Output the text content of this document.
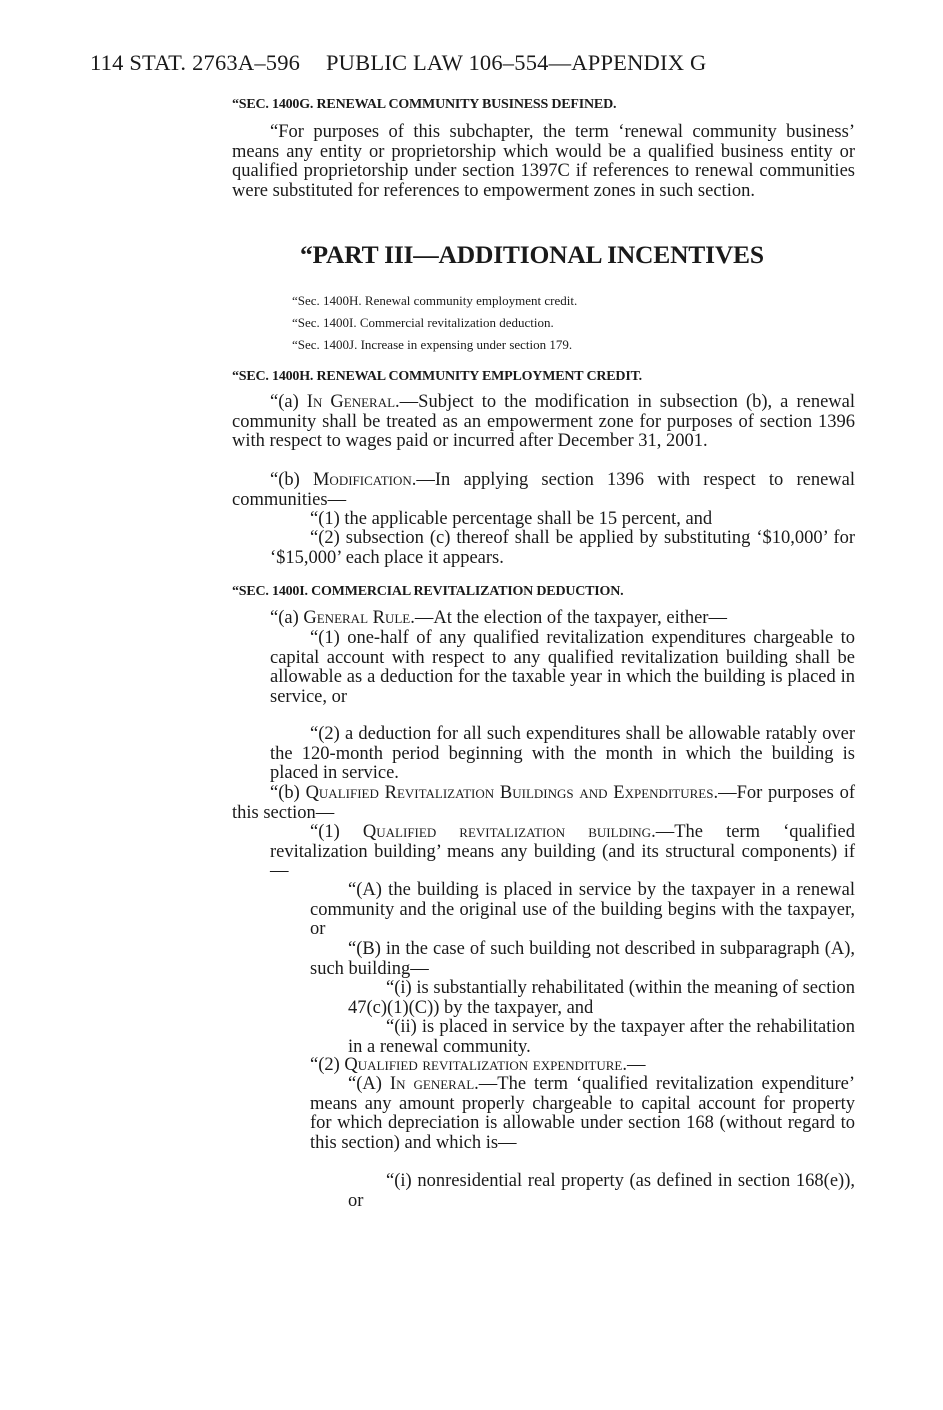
114 STAT. 2763A–596 PUBLIC LAW 106–554—APPENDIX G
“SEC. 1400G. RENEWAL COMMUNITY BUSINESS DEFINED.

“For purposes of this subchapter, the term ‘renewal community business’ means any entity or proprietorship which would be a qualified business entity or qualified proprietorship under section 1397C if references to renewal communities were substituted for references to empowerment zones in such section.

“PART III—ADDITIONAL INCENTIVES
“Sec. 1400H. Renewal community employment credit.
“Sec. 1400I. Commercial revitalization deduction.
“Sec. 1400J. Increase in expensing under section 179.
“SEC. 1400H. RENEWAL COMMUNITY EMPLOYMENT CREDIT.

“(a) In General.—Subject to the modification in subsection (b), a renewal community shall be treated as an empowerment zone for purposes of section 1396 with respect to wages paid or incurred after December 31, 2001.

“(b) Modification.—In applying section 1396 with respect to renewal communities—

“(1) the applicable percentage shall be 15 percent, and

“(2) subsection (c) thereof shall be applied by substituting ‘$10,000’ for ‘$15,000’ each place it appears.

“SEC. 1400I. COMMERCIAL REVITALIZATION DEDUCTION.

“(a) General Rule.—At the election of the taxpayer, either—

“(1) one-half of any qualified revitalization expenditures chargeable to capital account with respect to any qualified revitalization building shall be allowable as a deduction for the taxable year in which the building is placed in service, or

“(2) a deduction for all such expenditures shall be allowable ratably over the 120-month period beginning with the month in which the building is placed in service.

“(b) Qualified Revitalization Buildings and Expenditures.—For purposes of this section—

“(1) Qualified revitalization building.—The term ‘qualified revitalization building’ means any building (and its structural components) if—

“(A) the building is placed in service by the taxpayer in a renewal community and the original use of the building begins with the taxpayer, or

“(B) in the case of such building not described in subparagraph (A), such building—

“(i) is substantially rehabilitated (within the meaning of section 47(c)(1)(C)) by the taxpayer, and

“(ii) is placed in service by the taxpayer after the rehabilitation in a renewal community.

“(2) Qualified revitalization expenditure.—

“(A) In general.—The term ‘qualified revitalization expenditure’ means any amount properly chargeable to capital account for property for which depreciation is allowable under section 168 (without regard to this section) and which is—

“(i) nonresidential real property (as defined in section 168(e)), or
